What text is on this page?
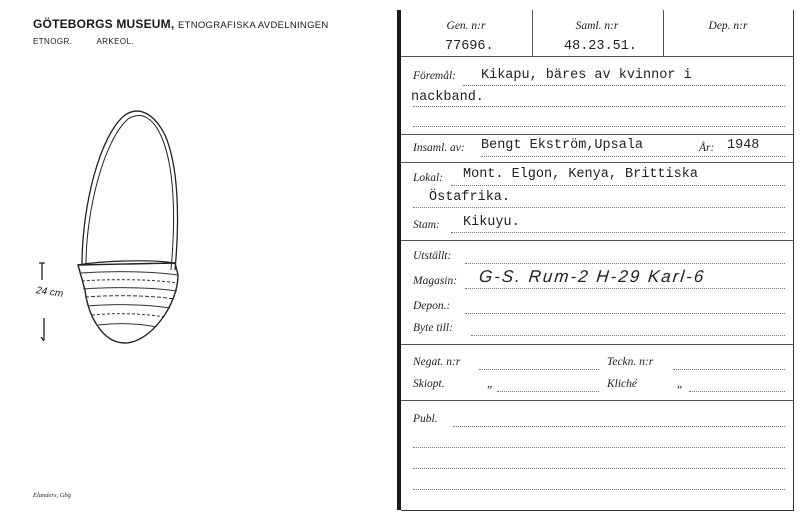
GÖTEBORGS MUSEUM, ETNOGRAFISKA AVDELNINGEN
ETNOGR.	ARKEOL.
24 cm
Elanders, Gbg
Gen. n:r	Saml. n:r	Dep. n:r
77696.	48.23.51.
Föremål: Kikapu, bäres av kvinnor i
nackband.
Insaml. av: Bengt Ekström,Upsala	År: 1948
Lokal: Mont. Elgon, Kenya, Brittiska
Östafrika.
Stam: Kikuyu.
Utställt:
Magasin: G-S. Rum-2 H-29 Karl-6
Depon.:
Byte till:
Negat. n:r	Teckn. n:r
Skiopt.	„	Kliché	„
Publ.
